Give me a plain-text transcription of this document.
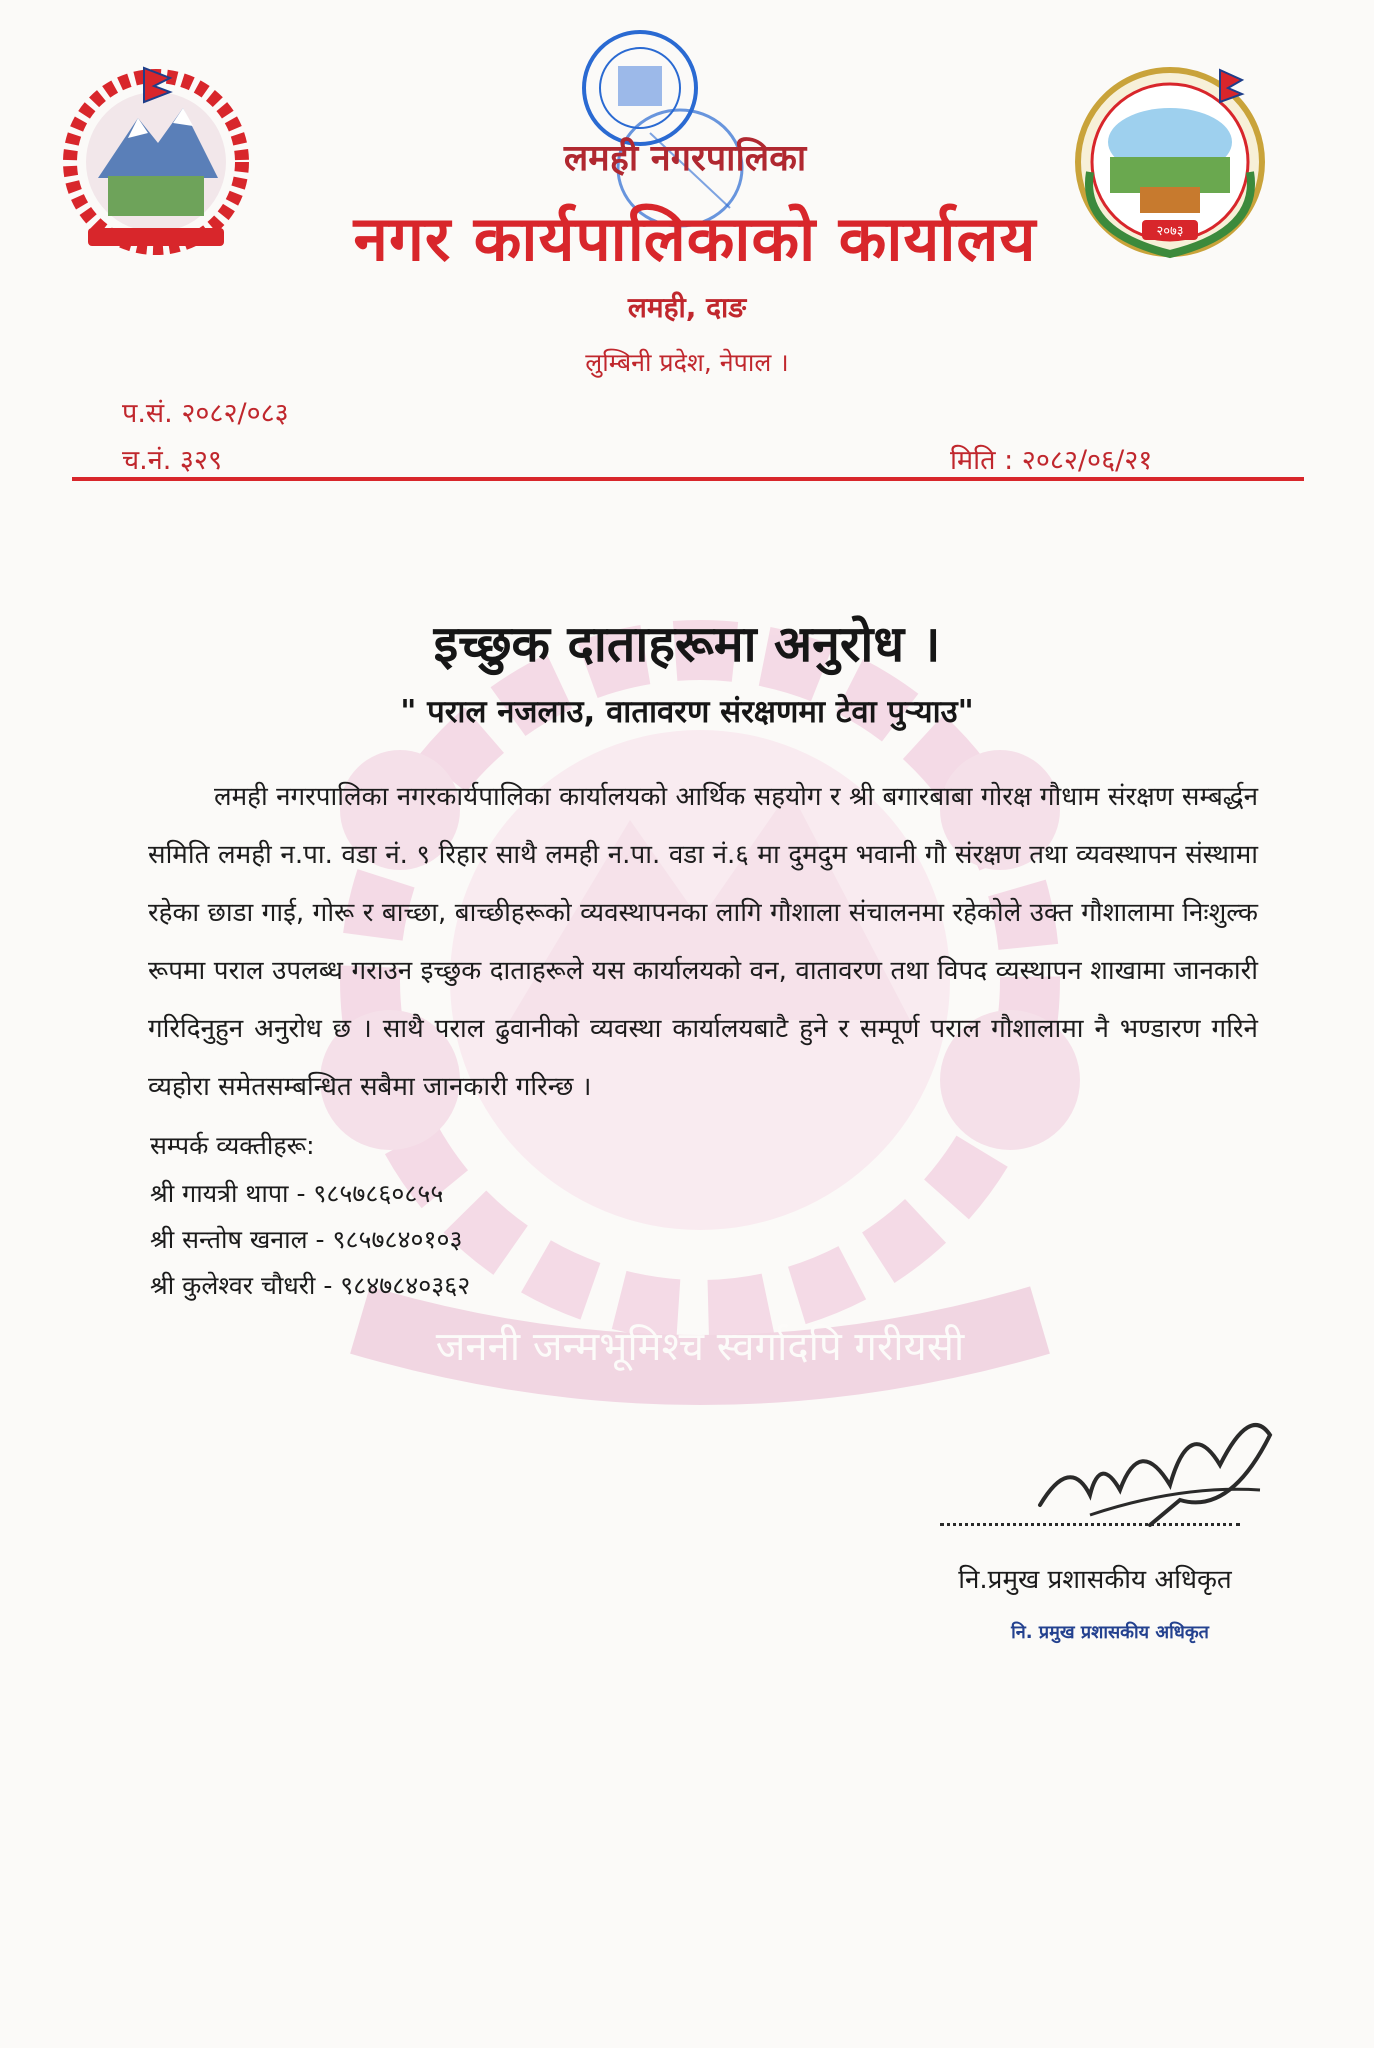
लमही नगरपालिका
२०७३
नगर कार्यपालिकाको कार्यालय
लमही, दाङ
लुम्बिनी प्रदेश, नेपाल ।
प.सं. २०८२/०८३
च.नं. ३२९	मिति : २०८२/०६/२१
जननी जन्मभूमिश्च स्वर्गादपि गरीयसी
इच्छुक दाताहरूमा अनुरोध ।
" पराल नजलाउ, वातावरण संरक्षणमा टेवा पुर्‍याउ"

लमही नगरपालिका नगरकार्यपालिका कार्यालयको आर्थिक सहयोग र श्री बगारबाबा गोरक्ष गौधाम संरक्षण सम्बर्द्धन समिति लमही न.पा. वडा नं. ९ रिहार साथै लमही न.पा. वडा नं.६ मा दुमदुम भवानी गौ संरक्षण तथा व्यवस्थापन संस्थामा रहेका छाडा गाई, गोरू र बाच्छा, बाच्छीहरूको व्यवस्थापनका लागि गौशाला संचालनमा रहेकोले उक्त गौशालामा निःशुल्क रूपमा पराल उपलब्ध गराउन इच्छुक दाताहरूले यस कार्यालयको वन, वातावरण तथा विपद व्यस्थापन शाखामा जानकारी गरिदिनुहुन अनुरोध छ । साथै पराल ढुवानीको व्यवस्था कार्यालयबाटै हुने र सम्पूर्ण पराल गौशालामा नै भण्डारण गरिने व्यहोरा समेतसम्बन्धित सबैमा जानकारी गरिन्छ ।

सम्पर्क व्यक्तीहरू:
श्री गायत्री थापा - ९८५७८६०८५५
श्री सन्तोष खनाल - ९८५७८४०१०३
श्री कुलेश्वर चौधरी - ९८४७८४०३६२
नि.प्रमुख प्रशासकीय अधिकृत
नि. प्रमुख प्रशासकीय अधिकृत
